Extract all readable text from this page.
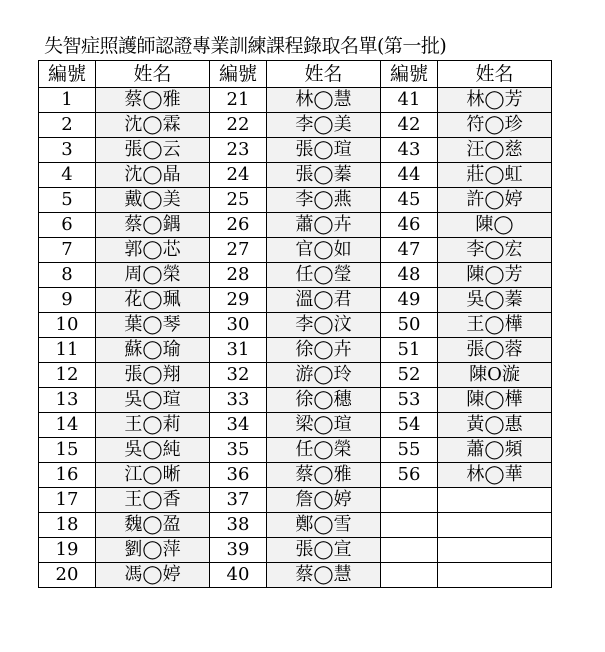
失智症照護師認證專業訓練課程錄取名單(第一批)
編號	姓名	編號	姓名	編號	姓名
1	蔡◯雅	21	林◯慧	41	林◯芳
2	沈◯霖	22	李◯美	42	符◯珍
3	張◯云	23	張◯瑄	43	汪◯慈
4	沈◯晶	24	張◯蓁	44	莊◯虹
5	戴◯美	25	李◯燕	45	許◯婷
6	蔡◯鍝	26	蕭◯卉	46	陳◯
7	郭◯芯	27	官◯如	47	李◯宏
8	周◯榮	28	任◯瑩	48	陳◯芳
9	花◯珮	29	溫◯君	49	吳◯蓁
10	葉◯琴	30	李◯汶	50	王◯樺
11	蘇◯瑜	31	徐◯卉	51	張◯蓉
12	張◯翔	32	游◯玲	52	陳O漩
13	吳◯瑄	33	徐◯穗	53	陳◯樺
14	王◯莉	34	梁◯瑄	54	黃◯惠
15	吳◯純	35	任◯榮	55	蕭◯頻
16	江◯晰	36	蔡◯雅	56	林◯華
17	王◯香	37	詹◯婷		
18	魏◯盈	38	鄭◯雪		
19	劉◯萍	39	張◯宣		
20	馮◯婷	40	蔡◯慧		
